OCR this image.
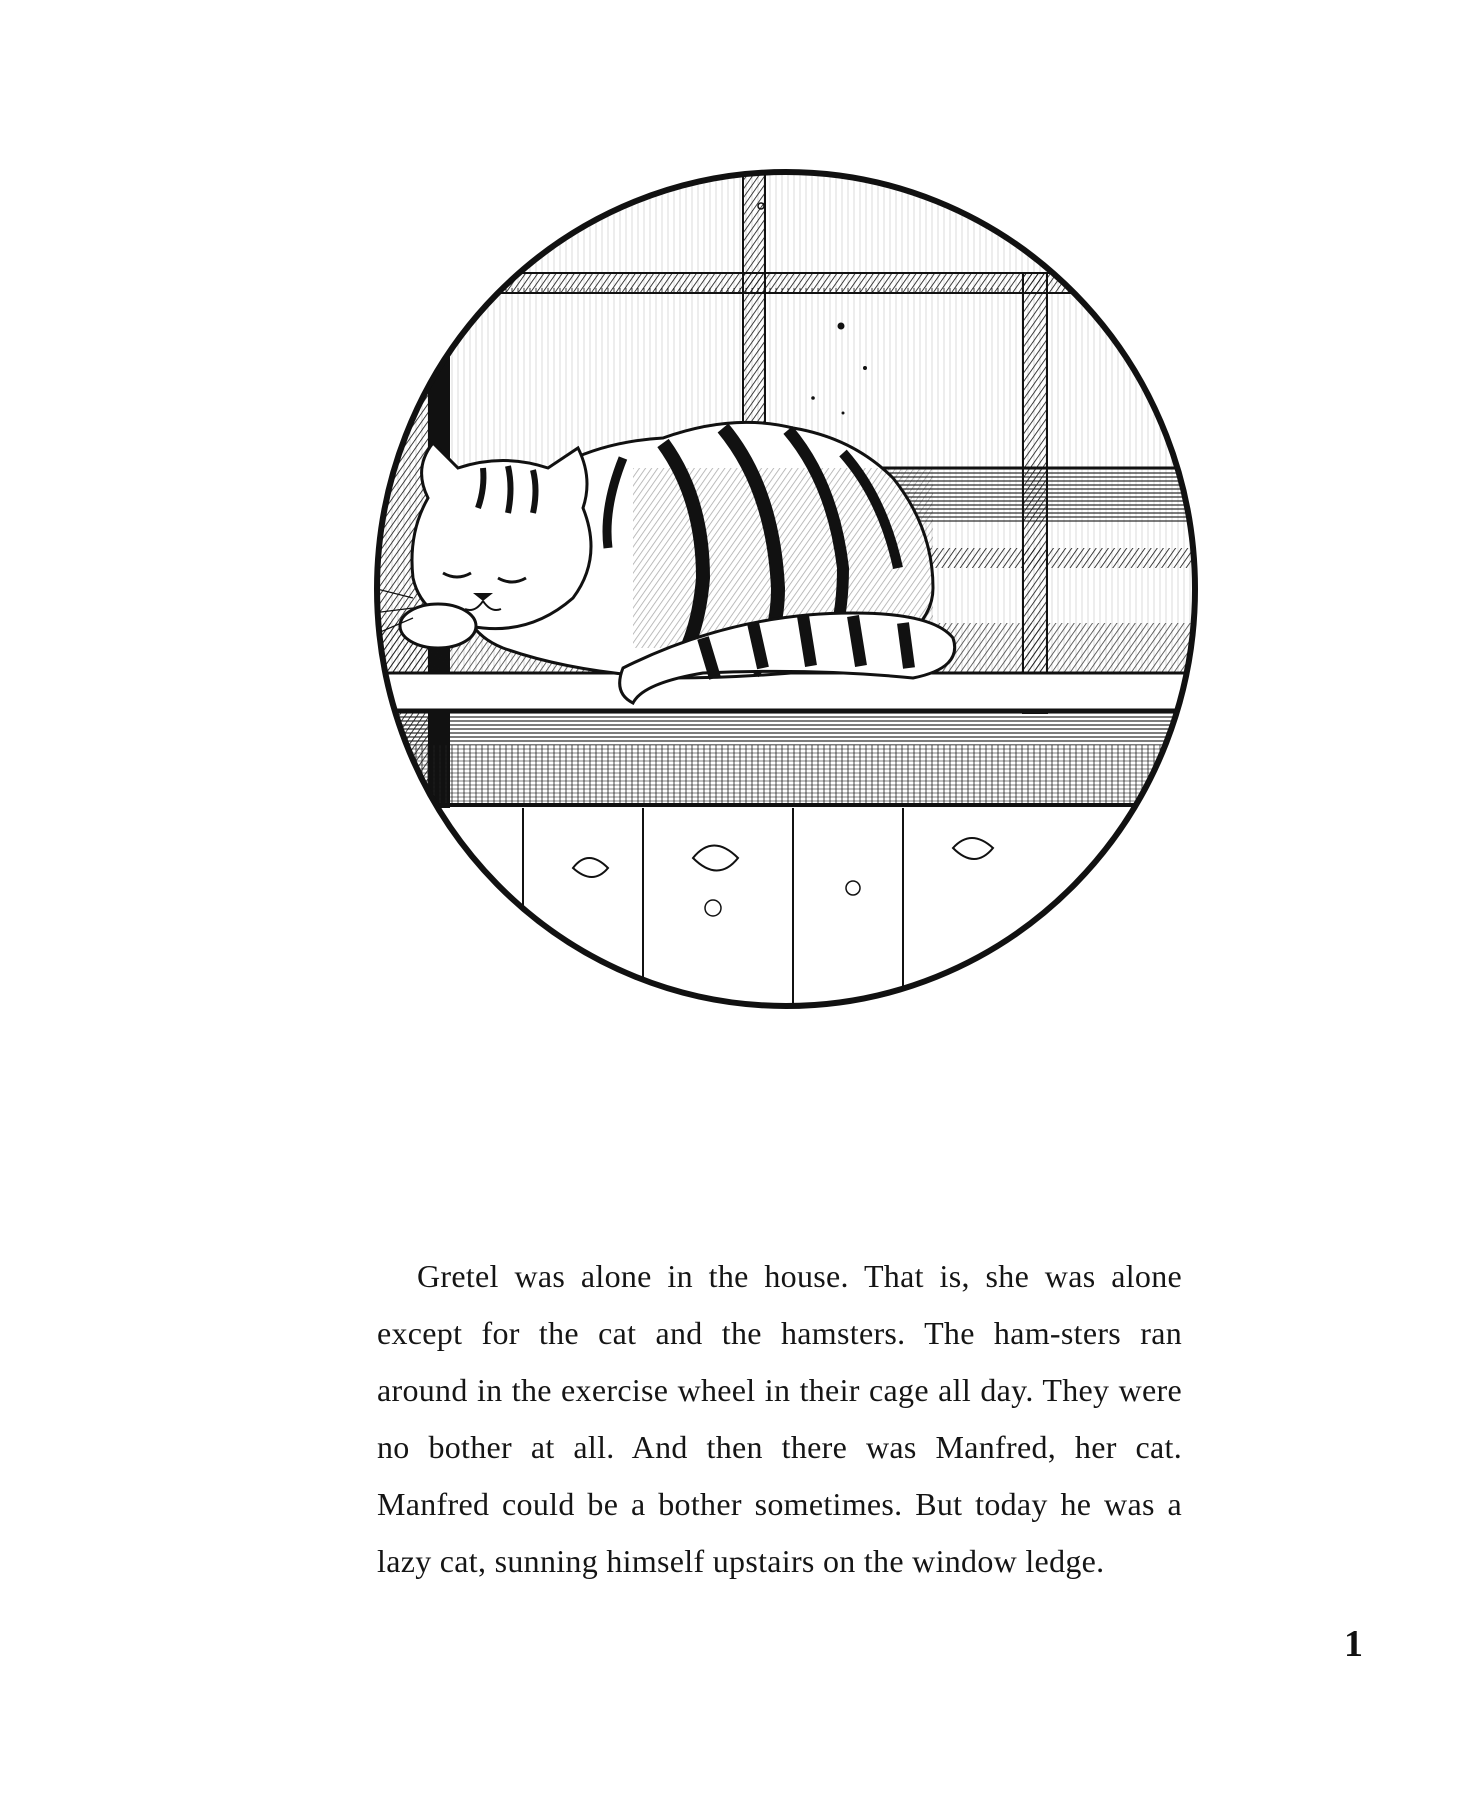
Gretel was alone in the house. That is, she was alone except for the cat and the hamsters. The ham-sters ran around in the exercise wheel in their cage all day. They were no bother at all. And then there was Manfred, her cat. Manfred could be a bother sometimes. But today he was a lazy cat, sunning himself upstairs on the window ledge.

1
